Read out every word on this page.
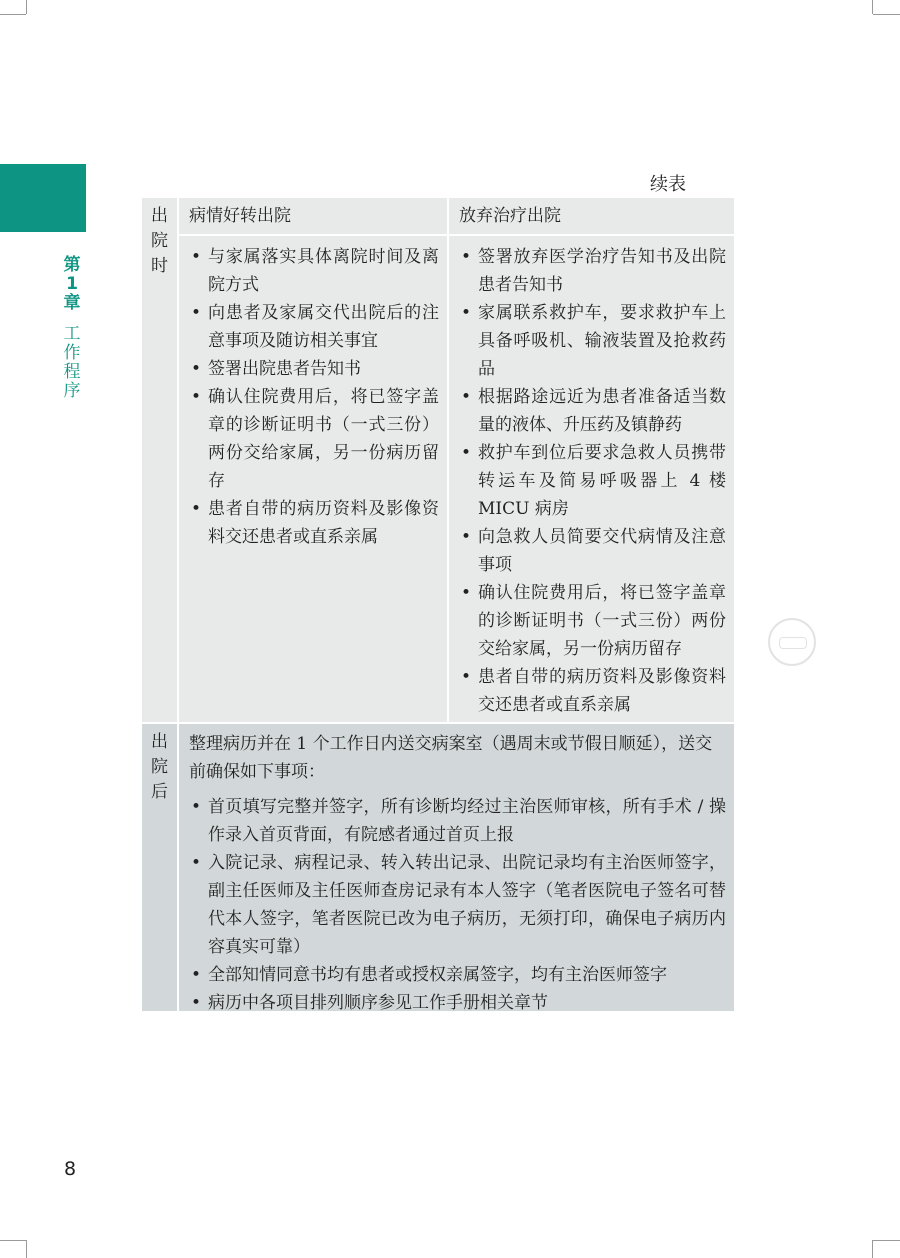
第
1
章
工作程序
续表
出院时
病情好转出院	放弃治疗出院
• 与家属落实具体离院时间及离院方式
• 向患者及家属交代出院后的注意事项及随访相关事宜
• 签署出院患者告知书
• 确认住院费用后，将已签字盖章的诊断证明书（一式三份）两份交给家属，另一份病历留存
• 患者自带的病历资料及影像资料交还患者或直系亲属
• 签署放弃医学治疗告知书及出院患者告知书
• 家属联系救护车，要求救护车上具备呼吸机、输液装置及抢救药品
• 根据路途远近为患者准备适当数量的液体、升压药及镇静药
• 救护车到位后要求急救人员携带转运车及简易呼吸器上 4 楼 MICU 病房
• 向急救人员简要交代病情及注意事项
• 确认住院费用后，将已签字盖章的诊断证明书（一式三份）两份交给家属，另一份病历留存
• 患者自带的病历资料及影像资料交还患者或直系亲属
出院后
整理病历并在 1 个工作日内送交病案室（遇周末或节假日顺延），送交前确保如下事项：
• 首页填写完整并签字，所有诊断均经过主治医师审核，所有手术 / 操作录入首页背面，有院感者通过首页上报
• 入院记录、病程记录、转入转出记录、出院记录均有主治医师签字，副主任医师及主任医师查房记录有本人签字（笔者医院电子签名可替代本人签字，笔者医院已改为电子病历，无须打印，确保电子病历内容真实可靠）
• 全部知情同意书均有患者或授权亲属签字，均有主治医师签字
• 病历中各项目排列顺序参见工作手册相关章节
8
